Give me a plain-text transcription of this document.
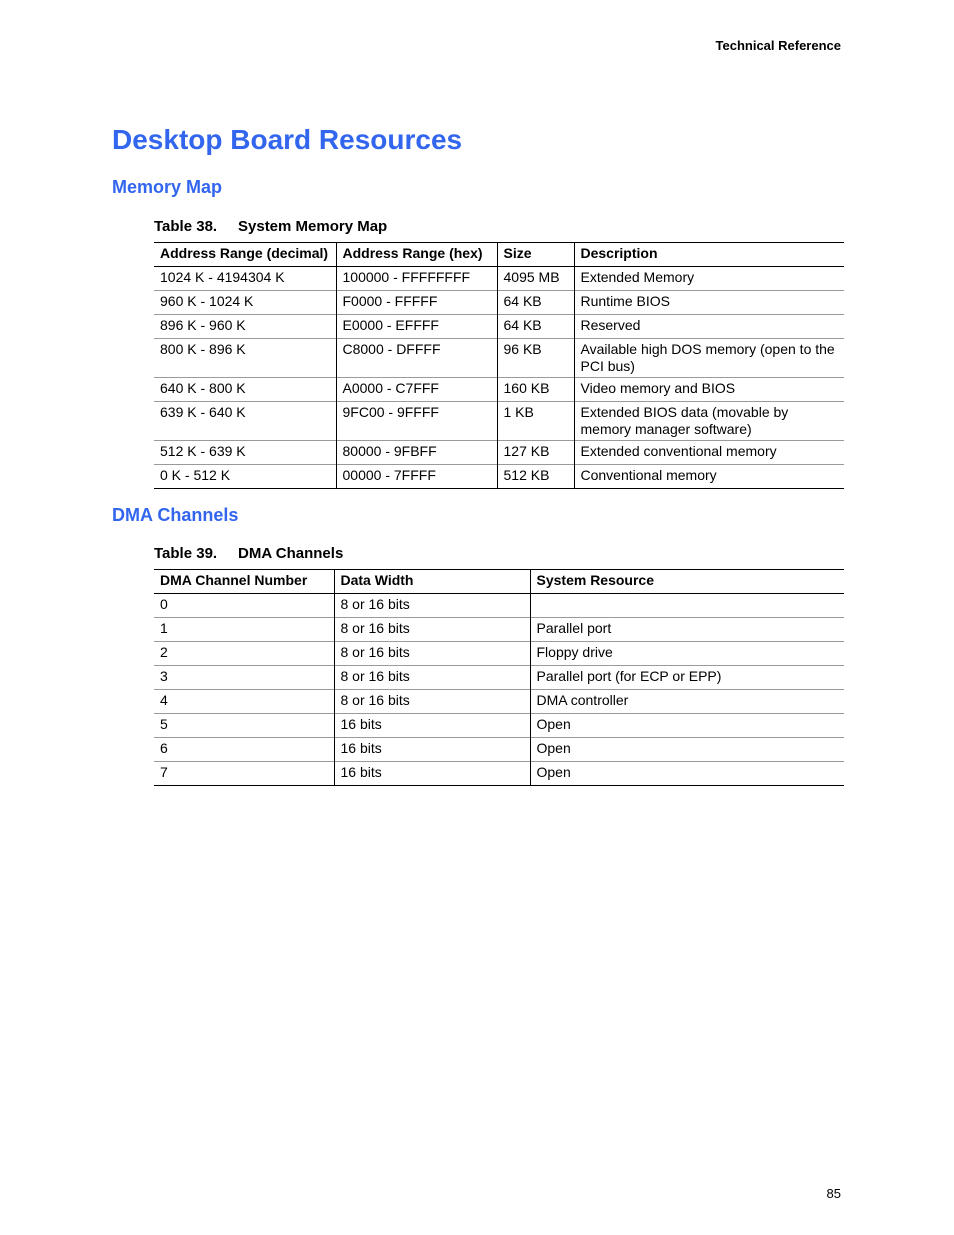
Technical Reference
Desktop Board Resources
Memory Map
Table 38. System Memory Map
Address Range (decimal)	Address Range (hex)	Size	Description
1024 K - 4194304 K	100000 - FFFFFFFF	4095 MB	Extended Memory
960 K - 1024 K	F0000 - FFFFF	64 KB	Runtime BIOS
896 K - 960 K	E0000 - EFFFF	64 KB	Reserved
800 K - 896 K	C8000 - DFFFF	96 KB	Available high DOS memory (open to the PCI bus)
640 K - 800 K	A0000 - C7FFF	160 KB	Video memory and BIOS
639 K - 640 K	9FC00 - 9FFFF	1 KB	Extended BIOS data (movable by memory manager software)
512 K - 639 K	80000 - 9FBFF	127 KB	Extended conventional memory
0 K - 512 K	00000 - 7FFFF	512 KB	Conventional memory
DMA Channels
Table 39. DMA Channels
DMA Channel Number	Data Width	System Resource
0	8 or 16 bits	
1	8 or 16 bits	Parallel port
2	8 or 16 bits	Floppy drive
3	8 or 16 bits	Parallel port (for ECP or EPP)
4	8 or 16 bits	DMA controller
5	16 bits	Open
6	16 bits	Open
7	16 bits	Open
85
